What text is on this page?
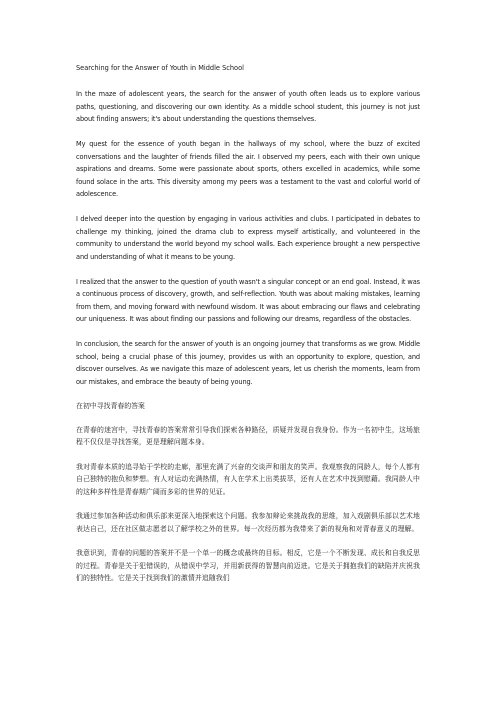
Searching for the Answer of Youth in Middle School

In the maze of adolescent years, the search for the answer of youth often leads us to explore various paths, questioning, and discovering our own identity. As a middle school student, this journey is not just about finding answers; it's about understanding the questions themselves.

My quest for the essence of youth began in the hallways of my school, where the buzz of excited conversations and the laughter of friends filled the air. I observed my peers, each with their own unique aspirations and dreams. Some were passionate about sports, others excelled in academics, while some found solace in the arts. This diversity among my peers was a testament to the vast and colorful world of adolescence.

I delved deeper into the question by engaging in various activities and clubs. I participated in debates to challenge my thinking, joined the drama club to express myself artistically, and volunteered in the community to understand the world beyond my school walls. Each experience brought a new perspective and understanding of what it means to be young.

I realized that the answer to the question of youth wasn't a singular concept or an end goal. Instead, it was a continuous process of discovery, growth, and self-reflection. Youth was about making mistakes, learning from them, and moving forward with newfound wisdom. It was about embracing our flaws and celebrating our uniqueness. It was about finding our passions and following our dreams, regardless of the obstacles.

In conclusion, the search for the answer of youth is an ongoing journey that transforms as we grow. Middle school, being a crucial phase of this journey, provides us with an opportunity to explore, question, and discover ourselves. As we navigate this maze of adolescent years, let us cherish the moments, learn from our mistakes, and embrace the beauty of being young.

在初中寻找青春的答案

在青春的迷宫中，寻找青春的答案常常引导我们探索各种路径，质疑并发现自我身份。作为一名初中生，这场旅程不仅仅是寻找答案，更是理解问题本身。

我对青春本质的追寻始于学校的走廊，那里充满了兴奋的交谈声和朋友的笑声。我观察我的同龄人，每个人都有自己独特的抱负和梦想。有人对运动充满热情，有人在学术上出类拔萃，还有人在艺术中找到慰藉。我同龄人中的这种多样性是青春期广阔而多彩的世界的见证。

我通过参加各种活动和俱乐部来更深入地探索这个问题。我参加辩论来挑战我的思维，加入戏剧俱乐部以艺术地表达自己，还在社区做志愿者以了解学校之外的世界。每一次经历都为我带来了新的视角和对青春意义的理解。

我意识到，青春的问题的答案并不是一个单一的概念或最终的目标。相反，它是一个不断发现、成长和自我反思的过程。青春是关于犯错误的，从错误中学习，并用新获得的智慧向前迈进。它是关于拥抱我们的缺陷并庆祝我们的独特性。它是关于找到我们的激情并追随我们
